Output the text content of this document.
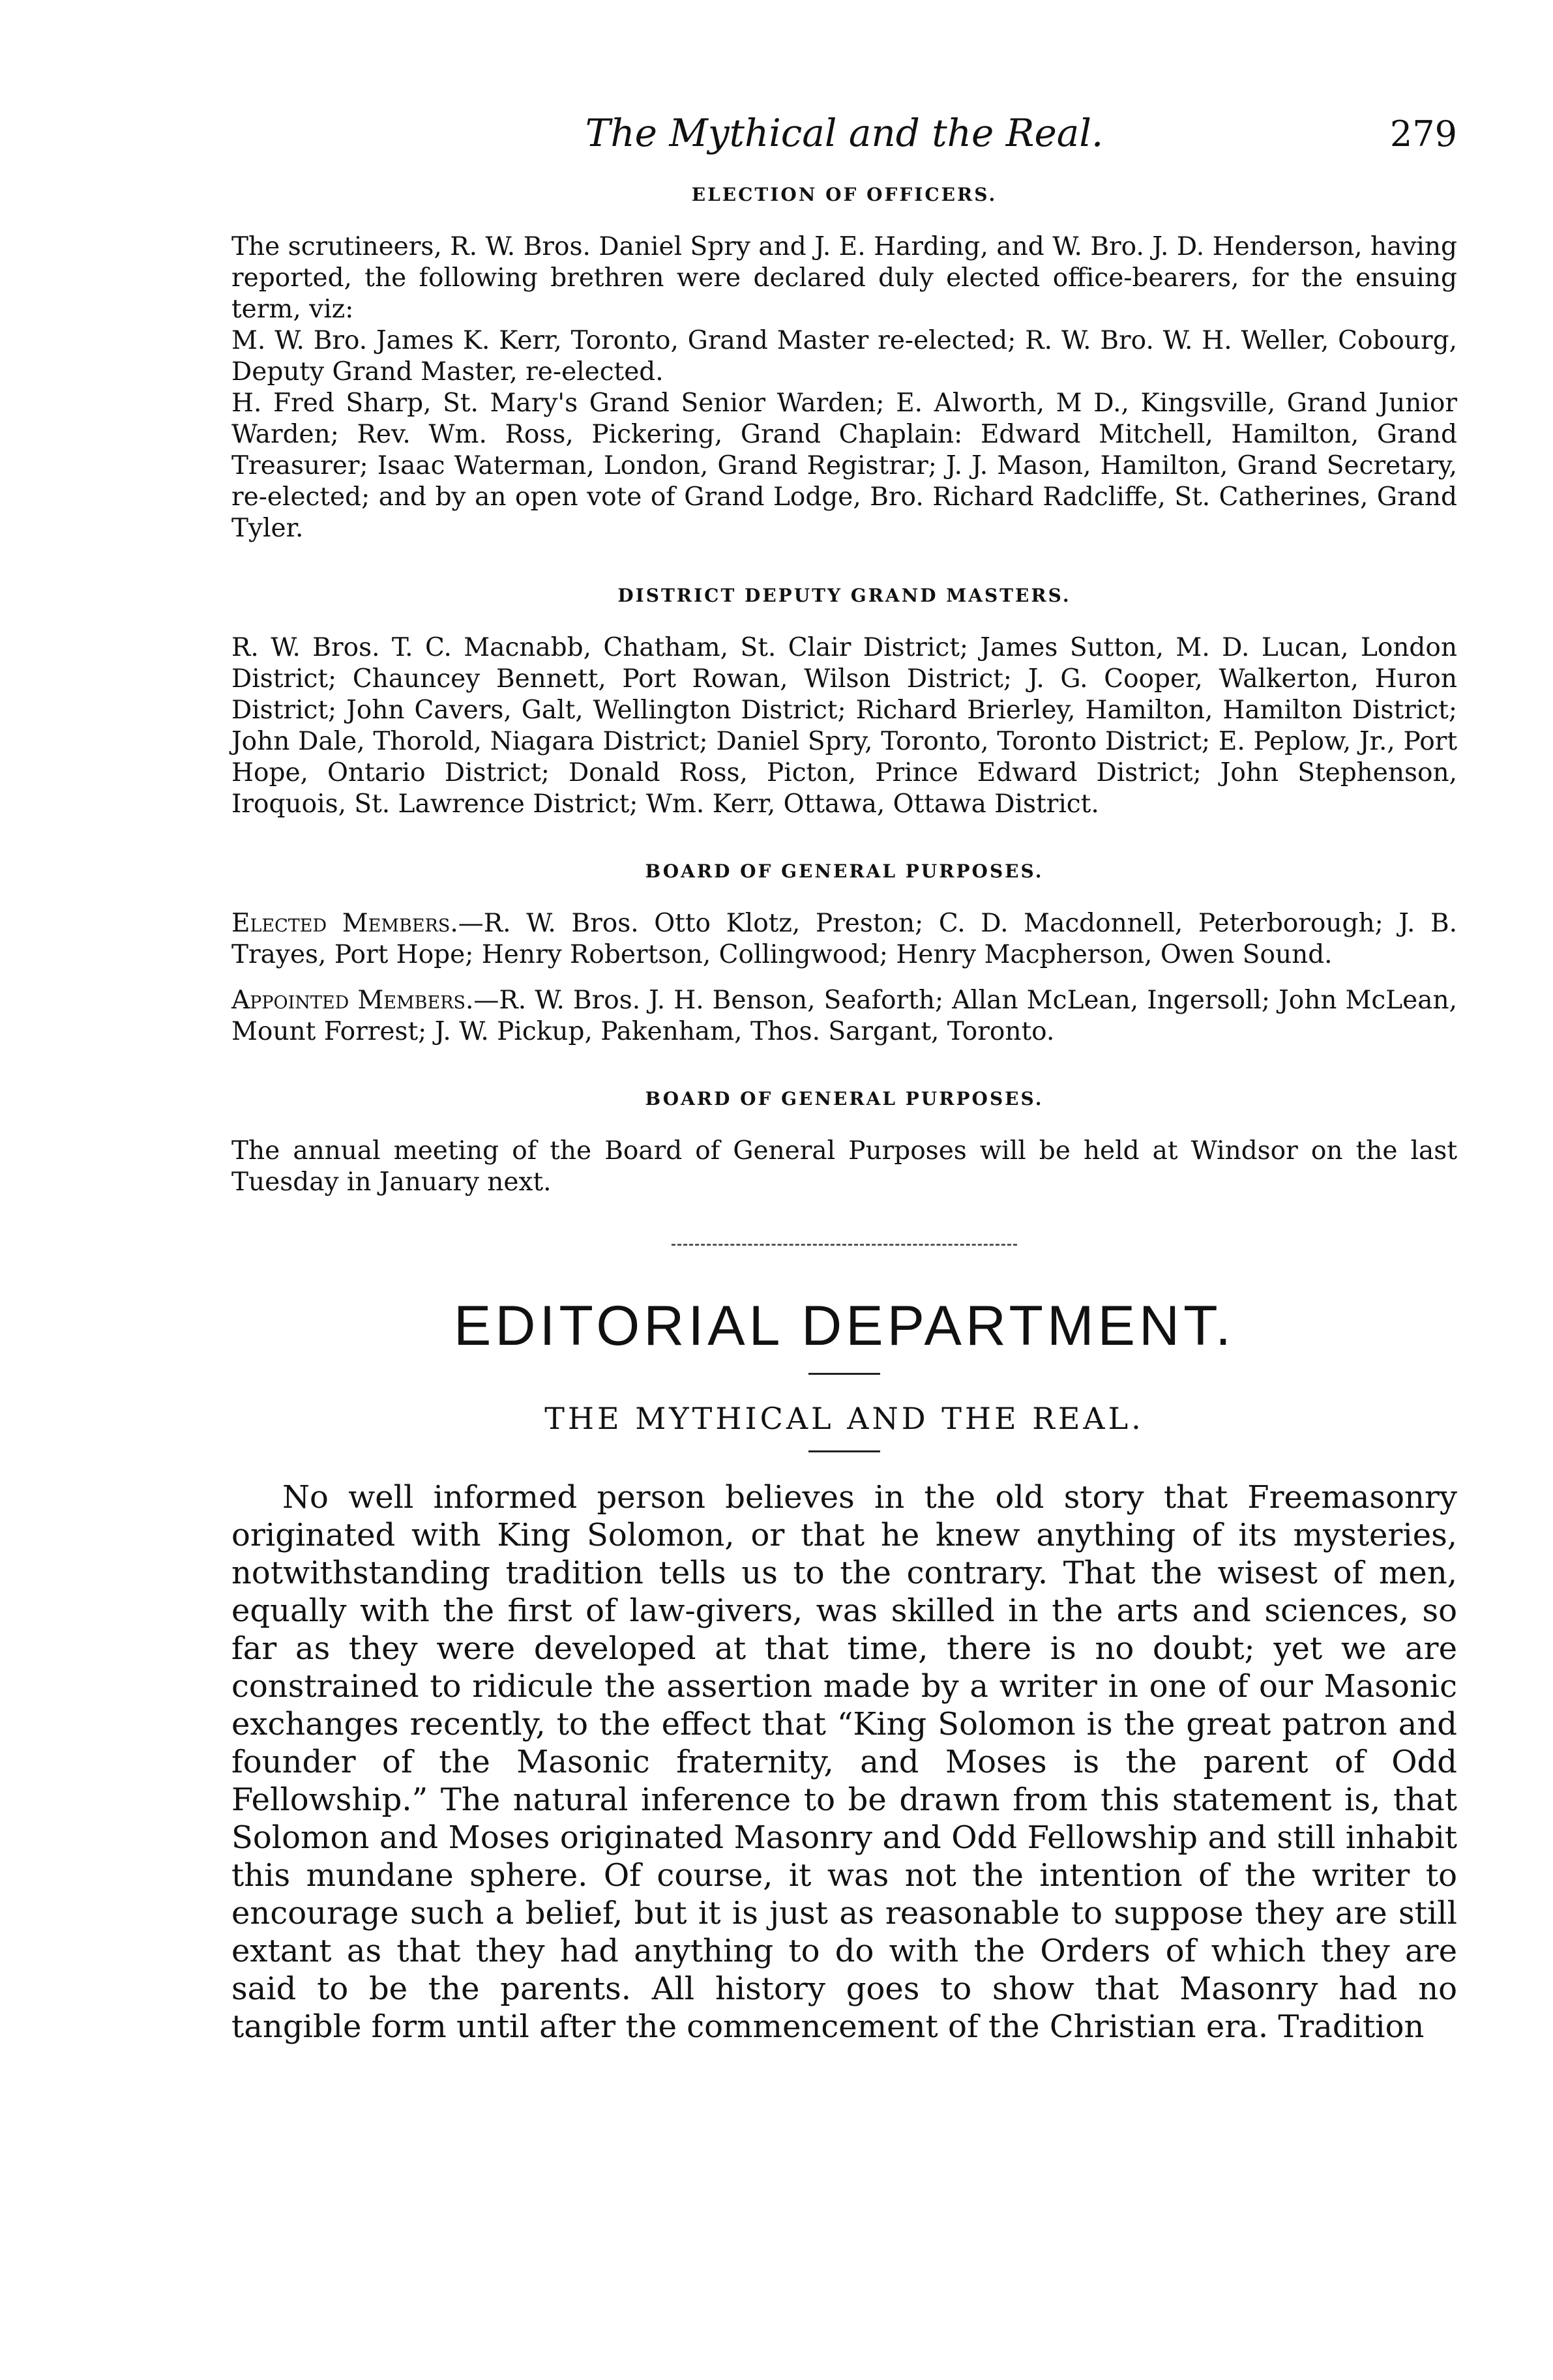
The Mythical and the Real.	279
ELECTION OF OFFICERS.

The scrutineers, R. W. Bros. Daniel Spry and J. E. Harding, and W. Bro. J. D. Henderson, having reported, the following brethren were declared duly elected office-bearers, for the ensuing term, viz:

M. W. Bro. James K. Kerr, Toronto, Grand Master re-elected; R. W. Bro. W. H. Weller, Cobourg, Deputy Grand Master, re-elected.

H. Fred Sharp, St. Mary's Grand Senior Warden; E. Alworth, M D., Kingsville, Grand Junior Warden; Rev. Wm. Ross, Pickering, Grand Chaplain: Edward Mitchell, Hamilton, Grand Treasurer; Isaac Waterman, London, Grand Registrar; J. J. Mason, Hamilton, Grand Secretary, re-elected; and by an open vote of Grand Lodge, Bro. Richard Radcliffe, St. Catherines, Grand Tyler.

DISTRICT DEPUTY GRAND MASTERS.

R. W. Bros. T. C. Macnabb, Chatham, St. Clair District; James Sutton, M. D. Lucan, London District; Chauncey Bennett, Port Rowan, Wilson District; J. G. Cooper, Walkerton, Huron District; John Cavers, Galt, Wellington District; Richard Brierley, Hamilton, Hamilton District; John Dale, Thorold, Niagara District; Daniel Spry, Toronto, Toronto District; E. Peplow, Jr., Port Hope, Ontario District; Donald Ross, Picton, Prince Edward District; John Stephenson, Iroquois, St. Lawrence District; Wm. Kerr, Ottawa, Ottawa District.

BOARD OF GENERAL PURPOSES.

Elected Members.—R. W. Bros. Otto Klotz, Preston; C. D. Macdonnell, Peterborough; J. B. Trayes, Port Hope; Henry Robertson, Collingwood; Henry Macpherson, Owen Sound.

Appointed Members.—R. W. Bros. J. H. Benson, Seaforth; Allan McLean, Ingersoll; John McLean, Mount Forrest; J. W. Pickup, Pakenham, Thos. Sargant, Toronto.

BOARD OF GENERAL PURPOSES.

The annual meeting of the Board of General Purposes will be held at Windsor on the last Tuesday in January next.

EDITORIAL DEPARTMENT.
THE MYTHICAL AND THE REAL.

No well informed person believes in the old story that Freemasonry originated with King Solomon, or that he knew anything of its mysteries, notwithstanding tradition tells us to the contrary. That the wisest of men, equally with the first of law-givers, was skilled in the arts and sciences, so far as they were developed at that time, there is no doubt; yet we are constrained to ridicule the assertion made by a writer in one of our Masonic exchanges recently, to the effect that “King Solomon is the great patron and founder of the Masonic fraternity, and Moses is the parent of Odd Fellowship.” The natural inference to be drawn from this statement is, that Solomon and Moses originated Masonry and Odd Fellowship and still inhabit this mundane sphere. Of course, it was not the intention of the writer to encourage such a belief, but it is just as reasonable to suppose they are still extant as that they had anything to do with the Orders of which they are said to be the parents. All history goes to show that Masonry had no tangible form until after the commencement of the Christian era. Tradition
